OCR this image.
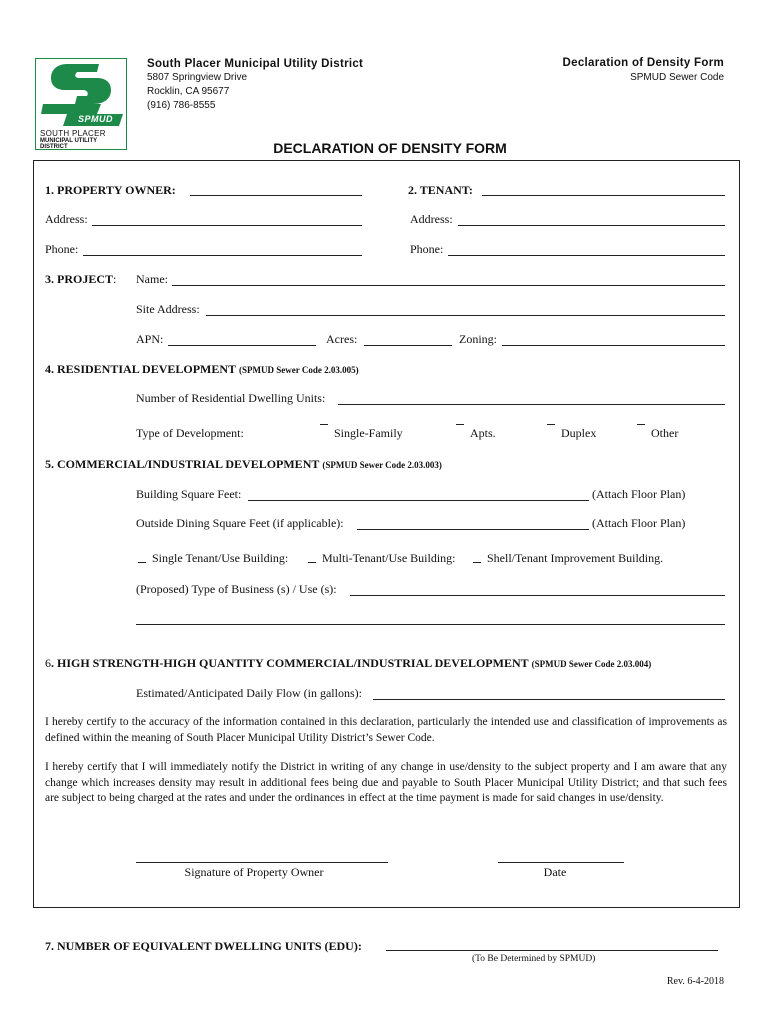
SPMUD
SOUTH PLACER
MUNICIPAL UTILITY DISTRICT
South Placer Municipal Utility District
5807 Springview Drive
Rocklin, CA 95677
(916) 786-8555
Declaration of Density Form
SPMUD Sewer Code
DECLARATION OF DENSITY FORM
1. PROPERTY OWNER:	2. TENANT:
Address:	Address:
Phone:	Phone:
3. PROJECT: Name:
Site Address:
APN:	Acres:	Zoning:
4. RESIDENTIAL DEVELOPMENT (SPMUD Sewer Code 2.03.005)
Number of Residential Dwelling Units:
Type of Development:	Single-Family	Apts.	Duplex	Other
5. COMMERCIAL/INDUSTRIAL DEVELOPMENT (SPMUD Sewer Code 2.03.003)
Building Square Feet:	(Attach Floor Plan)
Outside Dining Square Feet (if applicable):	(Attach Floor Plan)
Single Tenant/Use Building:	Multi-Tenant/Use Building:	Shell/Tenant Improvement Building.
(Proposed) Type of Business (s) / Use (s):
6. HIGH STRENGTH-HIGH QUANTITY COMMERCIAL/INDUSTRIAL DEVELOPMENT (SPMUD Sewer Code 2.03.004)
Estimated/Anticipated Daily Flow (in gallons):
I hereby certify to the accuracy of the information contained in this declaration, particularly the intended use and classification of improvements as defined within the meaning of South Placer Municipal Utility District’s Sewer Code.
I hereby certify that I will immediately notify the District in writing of any change in use/density to the subject property and I am aware that any change which increases density may result in additional fees being due and payable to South Placer Municipal Utility District; and that such fees are subject to being charged at the rates and under the ordinances in effect at the time payment is made for said changes in use/density.
Signature of Property Owner	Date
7. NUMBER OF EQUIVALENT DWELLING UNITS (EDU):
(To Be Determined by SPMUD)
Rev. 6-4-2018
